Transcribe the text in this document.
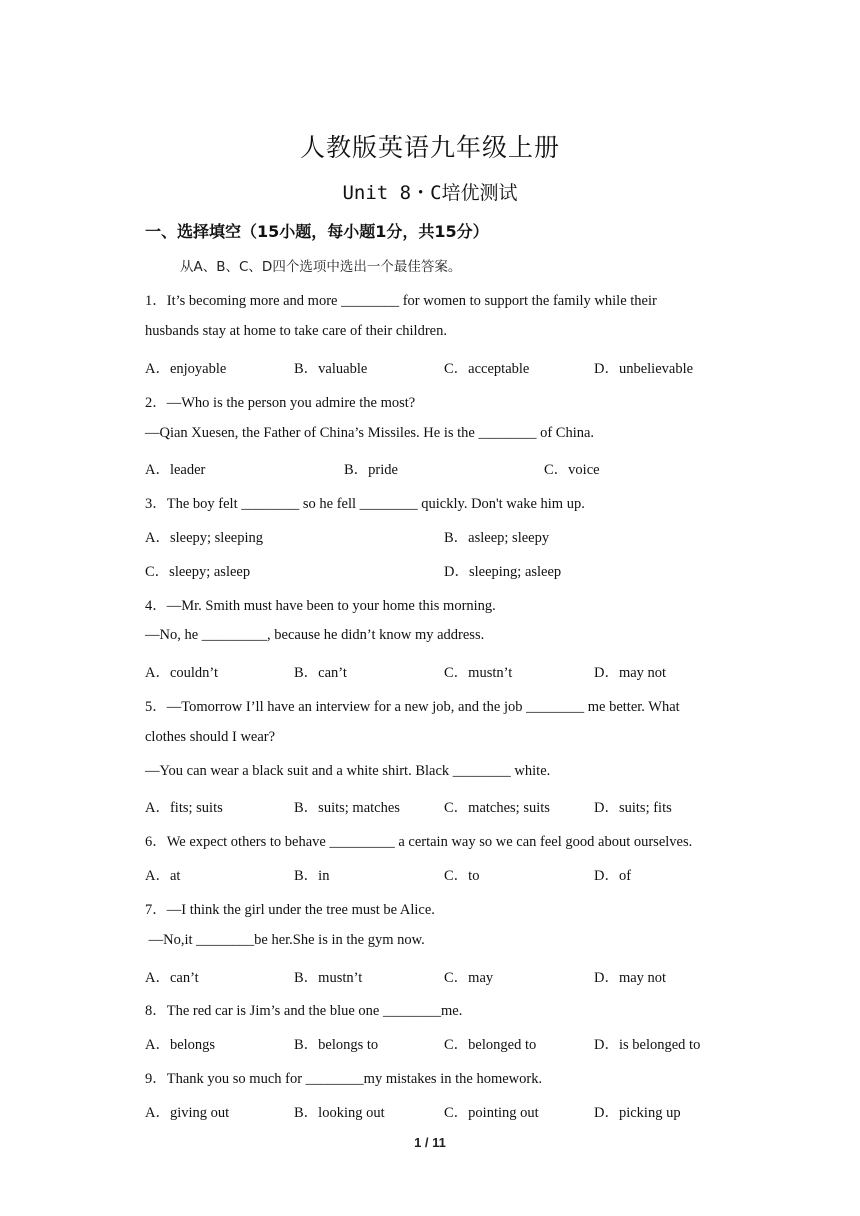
人教版英语九年级上册
Unit 8・C培优测试
一、选择填空（15小题，每小题1分，共15分）
从A、B、C、D四个选项中选出一个最佳答案。
1．It’s becoming more and more ________ for women to support the family while their
husbands stay at home to take care of their children.
A．enjoyable	B．valuable	C．acceptable	D．unbelievable
2．—Who is the person you admire the most?
—Qian Xuesen, the Father of China’s Missiles. He is the ________ of China.
A．leader	B．pride	C．voice
3．The boy felt ________ so he fell ________ quickly. Don't wake him up.
A．sleepy; sleeping	B．asleep; sleepy
C．sleepy; asleep	D．sleeping; asleep
4．—Mr. Smith must have been to your home this morning.
—No, he _________, because he didn’t know my address.
A．couldn’t	B．can’t	C．mustn’t	D．may not
5．—Tomorrow I’ll have an interview for a new job, and the job ________ me better. What
clothes should I wear?
—You can wear a black suit and a white shirt. Black ________ white.
A．fits; suits	B．suits; matches	C．matches; suits	D．suits; fits
6．We expect others to behave _________ a certain way so we can feel good about ourselves.
A．at	B．in	C．to	D．of
7．—I think the girl under the tree must be Alice.
—No,it ________be her.She is in the gym now.
A．can’t	B．mustn’t	C．may	D．may not
8．The red car is Jim’s and the blue one ________me.
A．belongs	B．belongs to	C．belonged to	D．is belonged to
9．Thank you so much for ________my mistakes in the homework.
A．giving out	B．looking out	C．pointing out	D．picking up
1 / 11
